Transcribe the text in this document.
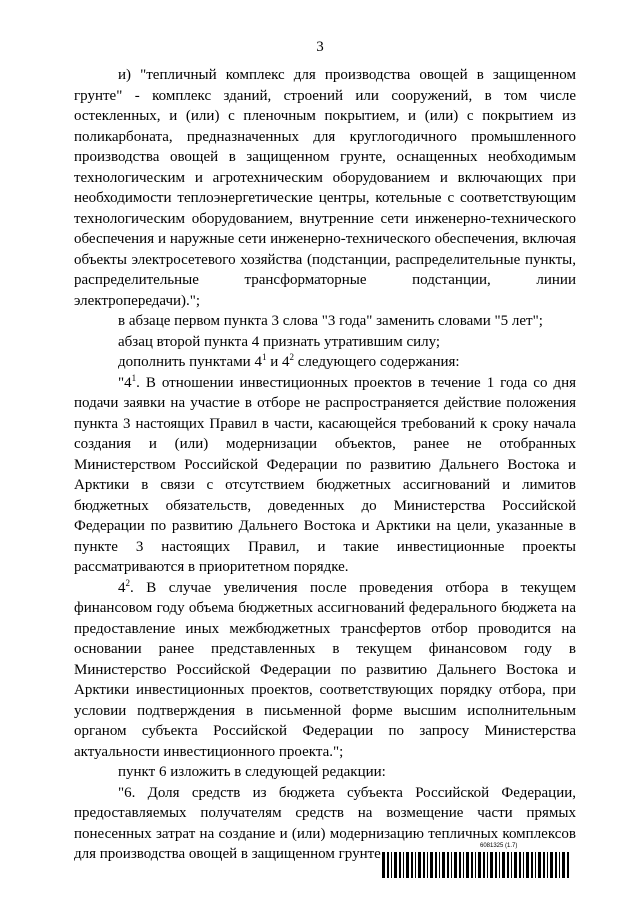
3

и) "тепличный комплекс для производства овощей в защищенном грунте" - комплекс зданий, строений или сооружений, в том числе остекленных, и (или) с пленочным покрытием, и (или) с покрытием из поликарбоната, предназначенных для круглогодичного промышленного производства овощей в защищенном грунте, оснащенных необходимым технологическим и агротехническим оборудованием и включающих при необходимости теплоэнергетические центры, котельные с соответствующим технологическим оборудованием, внутренние сети инженерно-технического обеспечения и наружные сети инженерно-технического обеспечения, включая объекты электросетевого хозяйства (подстанции, распределительные пункты, распределительные трансформаторные подстанции, линии электропередачи).";

в абзаце первом пункта 3 слова "3 года" заменить словами "5 лет";

абзац второй пункта 4 признать утратившим силу;

дополнить пунктами $4^1$ и $4^2$ следующего содержания:

"$4^1$. В отношении инвестиционных проектов в течение 1 года со дня подачи заявки на участие в отборе не распространяется действие положения пункта 3 настоящих Правил в части, касающейся требований к сроку начала создания и (или) модернизации объектов, ранее не отобранных Министерством Российской Федерации по развитию Дальнего Востока и Арктики в связи с отсутствием бюджетных ассигнований и лимитов бюджетных обязательств, доведенных до Министерства Российской Федерации по развитию Дальнего Востока и Арктики на цели, указанные в пункте 3 настоящих Правил, и такие инвестиционные проекты рассматриваются в приоритетном порядке.

$4^2$. В случае увеличения после проведения отбора в текущем финансовом году объема бюджетных ассигнований федерального бюджета на предоставление иных межбюджетных трансфертов отбор проводится на основании ранее представленных в текущем финансовом году в Министерство Российской Федерации по развитию Дальнего Востока и Арктики инвестиционных проектов, соответствующих порядку отбора, при условии подтверждения в письменной форме высшим исполнительным органом субъекта Российской Федерации по запросу Министерства актуальности инвестиционного проекта.";

пункт 6 изложить в следующей редакции:

"6. Доля средств из бюджета субъекта Российской Федерации, предоставляемых получателям средств на возмещение части прямых понесенных затрат на создание и (или) модернизацию тепличных комплексов для производства овощей в защищенном грунте	6081325 (1.7)
